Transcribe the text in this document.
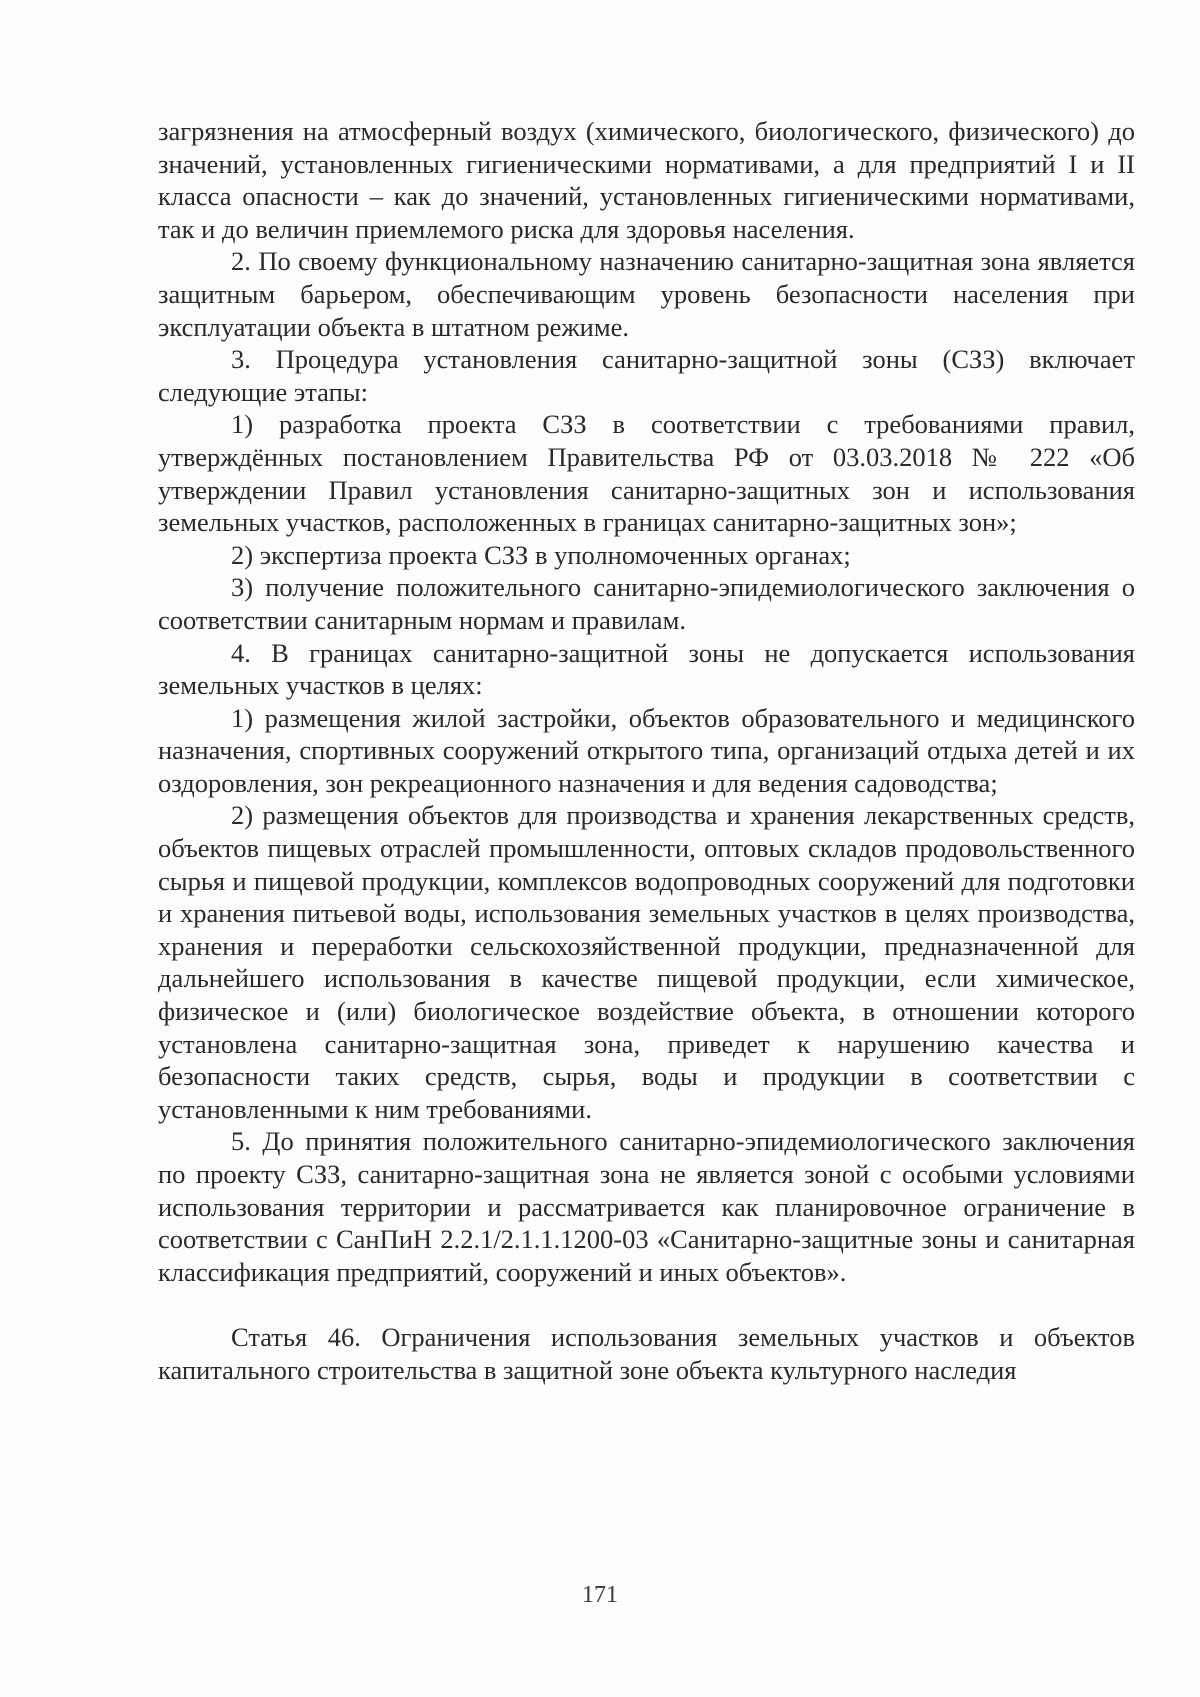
загрязнения на атмосферный воздух (химического, биологического, физического) до значений, установленных гигиеническими нормативами, а для предприятий I и II класса опасности – как до значений, установленных гигиеническими нормативами, так и до величин приемлемого риска для здоровья населения.

2. По своему функциональному назначению санитарно-защитная зона является защитным барьером, обеспечивающим уровень безопасности населения при эксплуатации объекта в штатном режиме.

3. Процедура установления санитарно-защитной зоны (СЗЗ) включает следующие этапы:

1) разработка проекта СЗЗ в соответствии с требованиями правил, утверждённых постановлением Правительства РФ от 03.03.2018 № 222 «Об утверждении Правил установления санитарно-защитных зон и использования земельных участков, расположенных в границах санитарно-защитных зон»;

2) экспертиза проекта СЗЗ в уполномоченных органах;

3) получение положительного санитарно-эпидемиологического заключения о соответствии санитарным нормам и правилам.

4. В границах санитарно-защитной зоны не допускается использования земельных участков в целях:

1) размещения жилой застройки, объектов образовательного и медицинского назначения, спортивных сооружений открытого типа, организаций отдыха детей и их оздоровления, зон рекреационного назначения и для ведения садоводства;

2) размещения объектов для производства и хранения лекарственных средств, объектов пищевых отраслей промышленности, оптовых складов продовольственного сырья и пищевой продукции, комплексов водопроводных сооружений для подготовки и хранения питьевой воды, использования земельных участков в целях производства, хранения и переработки сельскохозяйственной продукции, предназначенной для дальнейшего использования в качестве пищевой продукции, если химическое, физическое и (или) биологическое воздействие объекта, в отношении которого установлена санитарно-защитная зона, приведет к нарушению качества и безопасности таких средств, сырья, воды и продукции в соответствии с установленными к ним требованиями.

5. До принятия положительного санитарно-эпидемиологического заключения по проекту СЗЗ, санитарно-защитная зона не является зоной с особыми условиями использования территории и рассматривается как планировочное ограничение в соответствии с СанПиН 2.2.1/2.1.1.1200-03 «Санитарно-защитные зоны и санитарная классификация предприятий, сооружений и иных объектов».

Статья 46. Ограничения использования земельных участков и объектов капитального строительства в защитной зоне объекта культурного наследия

171
